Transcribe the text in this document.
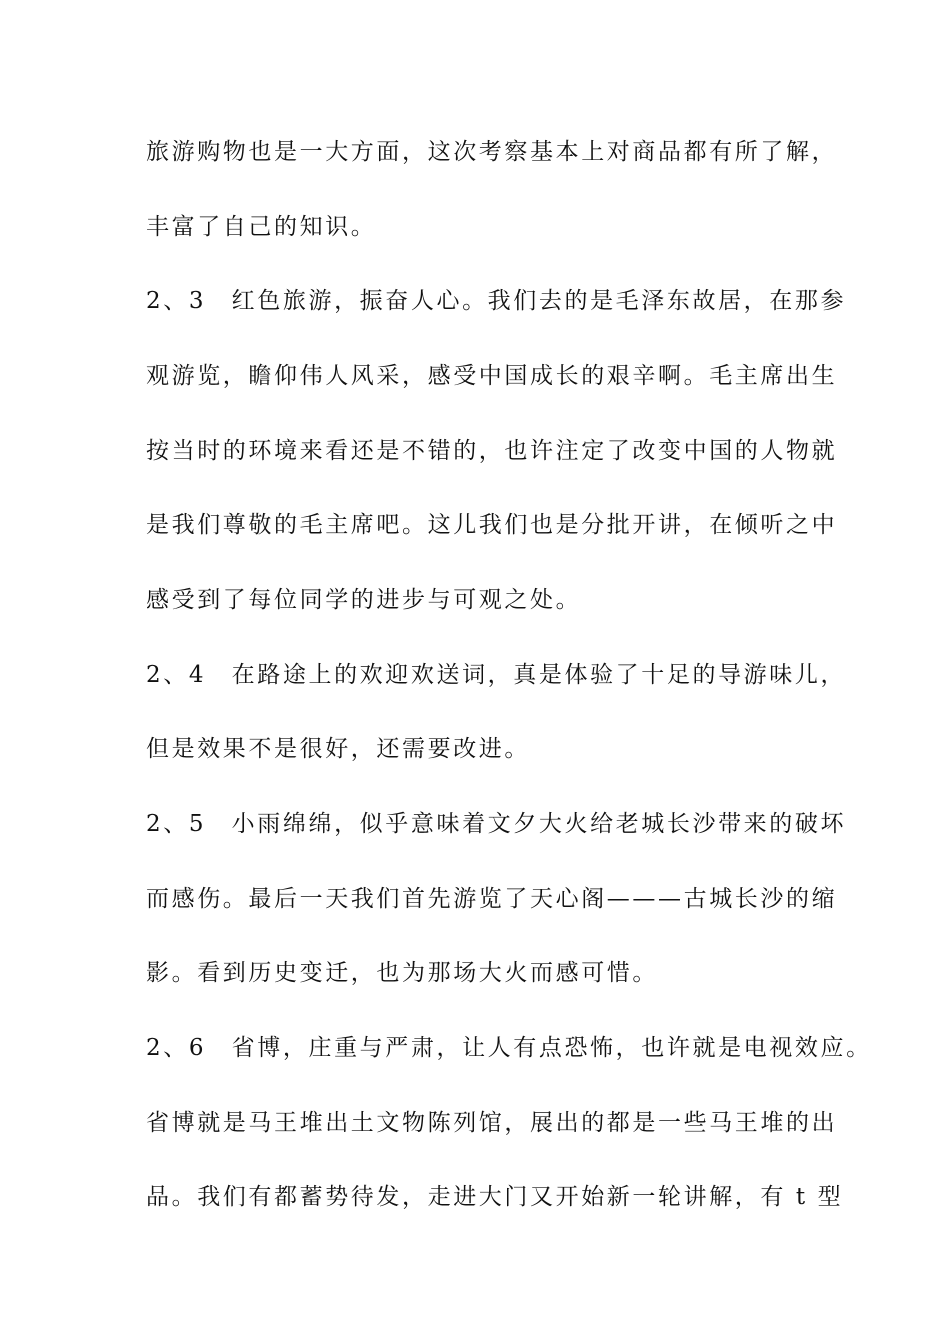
旅游购物也是一大方面，这次考察基本上对商品都有所了解，

丰富了自己的知识。

2、3　红色旅游，振奋人心。我们去的是毛泽东故居，在那参

观游览，瞻仰伟人风采，感受中国成长的艰辛啊。毛主席出生

按当时的环境来看还是不错的，也许注定了改变中国的人物就

是我们尊敬的毛主席吧。这儿我们也是分批开讲，在倾听之中

感受到了每位同学的进步与可观之处。

2、4　在路途上的欢迎欢送词，真是体验了十足的导游味儿，

但是效果不是很好，还需要改进。

2、5　小雨绵绵，似乎意味着文夕大火给老城长沙带来的破坏

而感伤。最后一天我们首先游览了天心阁———古城长沙的缩

影。看到历史变迁，也为那场大火而感可惜。

2、6　省博，庄重与严肃，让人有点恐怖，也许就是电视效应。

省博就是马王堆出土文物陈列馆，展出的都是一些马王堆的出

品。我们有都蓄势待发，走进大门又开始新一轮讲解，有 t 型
